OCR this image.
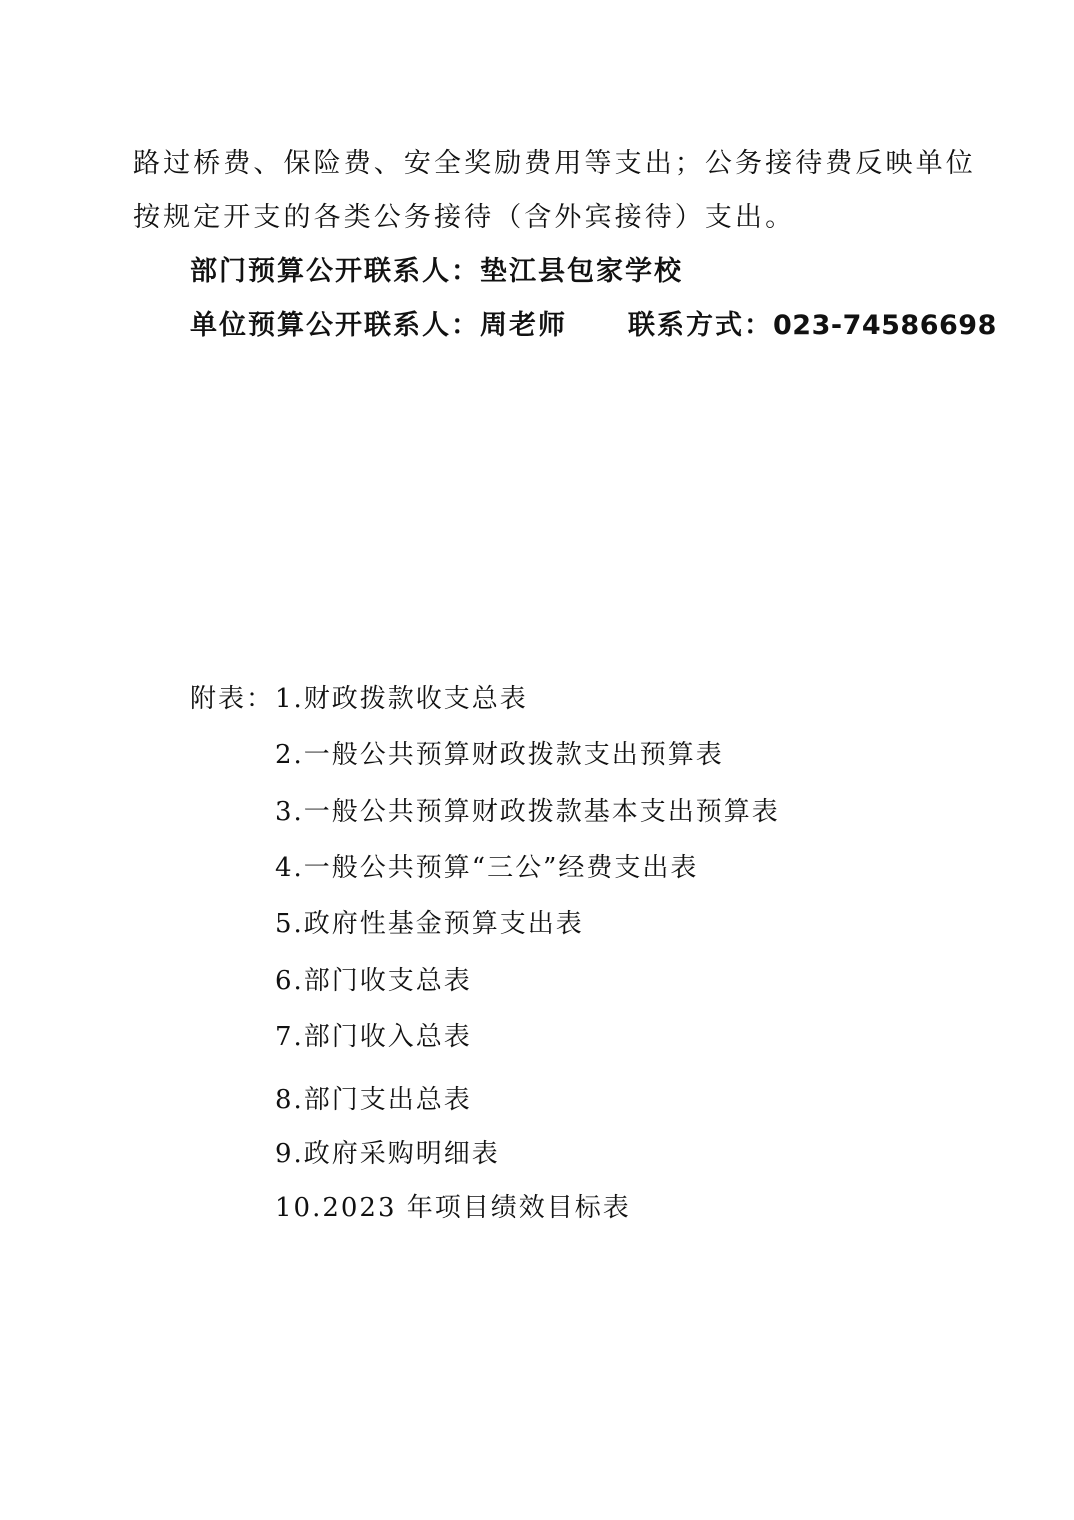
路过桥费、保险费、安全奖励费用等支出；公务接待费反映单位
按规定开支的各类公务接待（含外宾接待）支出。
部门预算公开联系人：垫江县包家学校
单位预算公开联系人：周老师 联系方式：023-74586698
附表： 1.财政拨款收支总表
2.一般公共预算财政拨款支出预算表
3.一般公共预算财政拨款基本支出预算表
4.一般公共预算“三公”经费支出表
5.政府性基金预算支出表
6.部门收支总表
7.部门收入总表
8.部门支出总表
9.政府采购明细表
10.2023 年项目绩效目标表
